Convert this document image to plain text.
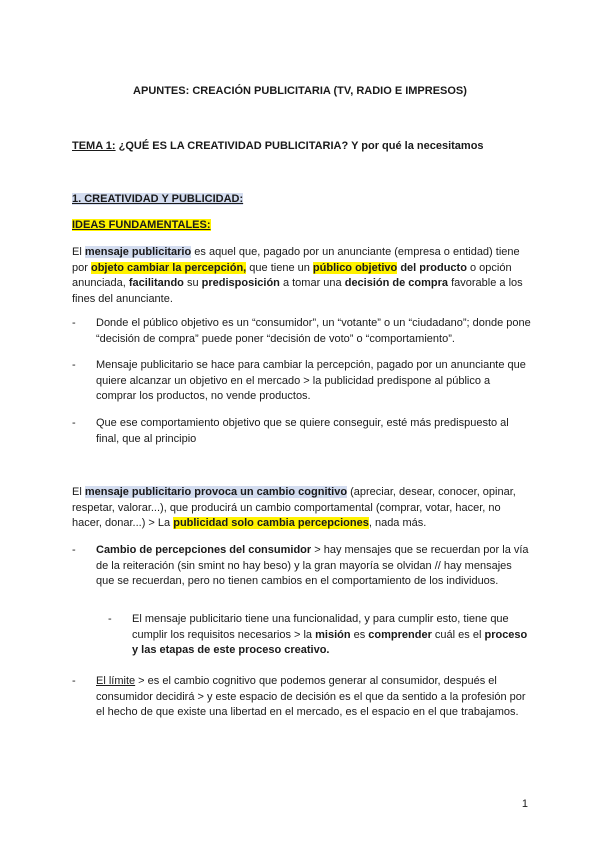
APUNTES: CREACIÓN PUBLICITARIA (TV, RADIO E IMPRESOS)

TEMA 1: ¿QUÉ ES LA CREATIVIDAD PUBLICITARIA? Y por qué la necesitamos

1. CREATIVIDAD Y PUBLICIDAD:

IDEAS FUNDAMENTALES:

El mensaje publicitario es aquel que, pagado por un anunciante (empresa o entidad) tiene por objeto cambiar la percepción, que tiene un público objetivo del producto o opción anunciada, facilitando su predisposición a tomar una decisión de compra favorable a los fines del anunciante.

- Donde el público objetivo es un “consumidor”, un “votante” o un “ciudadano”; donde pone “decisión de compra” puede poner “decisión de voto” o “comportamiento”.
- Mensaje publicitario se hace para cambiar la percepción, pagado por un anunciante que quiere alcanzar un objetivo en el mercado > la publicidad predispone al público a comprar los productos, no vende productos.
- Que ese comportamiento objetivo que se quiere conseguir, esté más predispuesto al final, que al principio

El mensaje publicitario provoca un cambio cognitivo (apreciar, desear, conocer, opinar, respetar, valorar...), que producirá un cambio comportamental (comprar, votar, hacer, no hacer, donar...) > La publicidad solo cambia percepciones, nada más.

- Cambio de percepciones del consumidor > hay mensajes que se recuerdan por la vía de la reiteración (sin smint no hay beso) y la gran mayoría se olvidan // hay mensajes que se recuerdan, pero no tienen cambios en el comportamiento de los individuos.
- El mensaje publicitario tiene una funcionalidad, y para cumplir esto, tiene que cumplir los requisitos necesarios > la misión es comprender cuál es el proceso y las etapas de este proceso creativo.
- El límite > es el cambio cognitivo que podemos generar al consumidor, después el consumidor decidirá > y este espacio de decisión es el que da sentido a la profesión por el hecho de que existe una libertad en el mercado, es el espacio en el que trabajamos.

1
